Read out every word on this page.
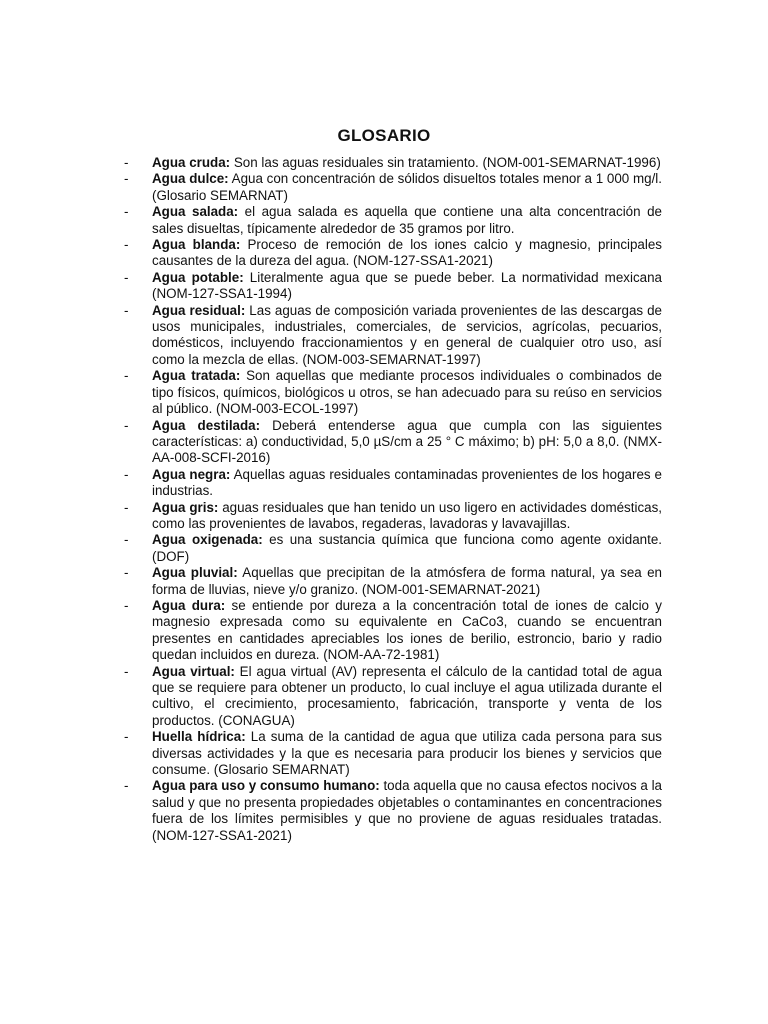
GLOSARIO
- Agua cruda: Son las aguas residuales sin tratamiento. (NOM-001-SEMARNAT-1996)
- Agua dulce: Agua con concentración de sólidos disueltos totales menor a 1 000 mg/l. (Glosario SEMARNAT)
- Agua salada: el agua salada es aquella que contiene una alta concentración de sales disueltas, típicamente alrededor de 35 gramos por litro.
- Agua blanda: Proceso de remoción de los iones calcio y magnesio, principales causantes de la dureza del agua. (NOM-127-SSA1-2021)
- Agua potable: Literalmente agua que se puede beber. La normatividad mexicana (NOM-127-SSA1-1994)
- Agua residual: Las aguas de composición variada provenientes de las descargas de usos municipales, industriales, comerciales, de servicios, agrícolas, pecuarios, domésticos, incluyendo fraccionamientos y en general de cualquier otro uso, así como la mezcla de ellas. (NOM-003-SEMARNAT-1997)
- Agua tratada: Son aquellas que mediante procesos individuales o combinados de tipo físicos, químicos, biológicos u otros, se han adecuado para su reúso en servicios al público. (NOM-003-ECOL-1997)
- Agua destilada: Deberá entenderse agua que cumpla con las siguientes características: a) conductividad, 5,0 µS/cm a 25 ° C máximo; b) pH: 5,0 a 8,0. (NMX-AA-008-SCFI-2016)
- Agua negra: Aquellas aguas residuales contaminadas provenientes de los hogares e industrias.
- Agua gris: aguas residuales que han tenido un uso ligero en actividades domésticas, como las provenientes de lavabos, regaderas, lavadoras y lavavajillas.
- Agua oxigenada: es una sustancia química que funciona como agente oxidante. (DOF)
- Agua pluvial: Aquellas que precipitan de la atmósfera de forma natural, ya sea en forma de lluvias, nieve y/o granizo. (NOM-001-SEMARNAT-2021)
- Agua dura: se entiende por dureza a la concentración total de iones de calcio y magnesio expresada como su equivalente en CaCo3, cuando se encuentran presentes en cantidades apreciables los iones de berilio, estroncio, bario y radio quedan incluidos en dureza. (NOM-AA-72-1981)
- Agua virtual: El agua virtual (AV) representa el cálculo de la cantidad total de agua que se requiere para obtener un producto, lo cual incluye el agua utilizada durante el cultivo, el crecimiento, procesamiento, fabricación, transporte y venta de los productos. (CONAGUA)
- Huella hídrica: La suma de la cantidad de agua que utiliza cada persona para sus diversas actividades y la que es necesaria para producir los bienes y servicios que consume. (Glosario SEMARNAT)
- Agua para uso y consumo humano: toda aquella que no causa efectos nocivos a la salud y que no presenta propiedades objetables o contaminantes en concentraciones fuera de los límites permisibles y que no proviene de aguas residuales tratadas. (NOM-127-SSA1-2021)
